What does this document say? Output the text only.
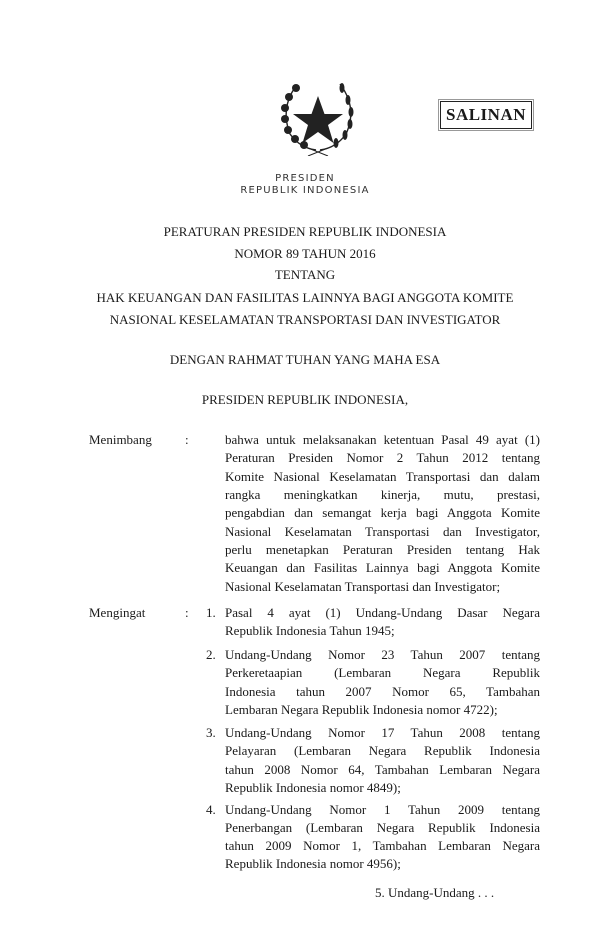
SALINAN
PRESIDEN
REPUBLIK INDONESIA
PERATURAN PRESIDEN REPUBLIK INDONESIA
NOMOR 89 TAHUN 2016
TENTANG
HAK KEUANGAN DAN FASILITAS LAINNYA BAGI ANGGOTA KOMITE
NASIONAL KESELAMATAN TRANSPORTASI DAN INVESTIGATOR
DENGAN RAHMAT TUHAN YANG MAHA ESA
PRESIDEN REPUBLIK INDONESIA,
Menimbang	:	bahwa untuk melaksanakan ketentuan Pasal 49 ayat (1)
Peraturan Presiden Nomor 2 Tahun 2012 tentang
Komite Nasional Keselamatan Transportasi dan dalam
rangka meningkatkan kinerja, mutu, prestasi,
pengabdian dan semangat kerja bagi Anggota Komite
Nasional Keselamatan Transportasi dan Investigator,
perlu menetapkan Peraturan Presiden tentang Hak
Keuangan dan Fasilitas Lainnya bagi Anggota Komite
Nasional Keselamatan Transportasi dan Investigator;
Mengingat	: 1. Pasal 4 ayat (1) Undang-Undang Dasar Negara
Republik Indonesia Tahun 1945;
2. Undang-Undang Nomor 23 Tahun 2007 tentang
Perkeretaapian (Lembaran Negara Republik
Indonesia tahun 2007 Nomor 65, Tambahan
Lembaran Negara Republik Indonesia nomor 4722);
3. Undang-Undang Nomor 17 Tahun 2008 tentang
Pelayaran (Lembaran Negara Republik Indonesia
tahun 2008 Nomor 64, Tambahan Lembaran Negara
Republik Indonesia nomor 4849);
4. Undang-Undang Nomor 1 Tahun 2009 tentang
Penerbangan (Lembaran Negara Republik Indonesia
tahun 2009 Nomor 1, Tambahan Lembaran Negara
Republik Indonesia nomor 4956);
5. Undang-Undang . . .
